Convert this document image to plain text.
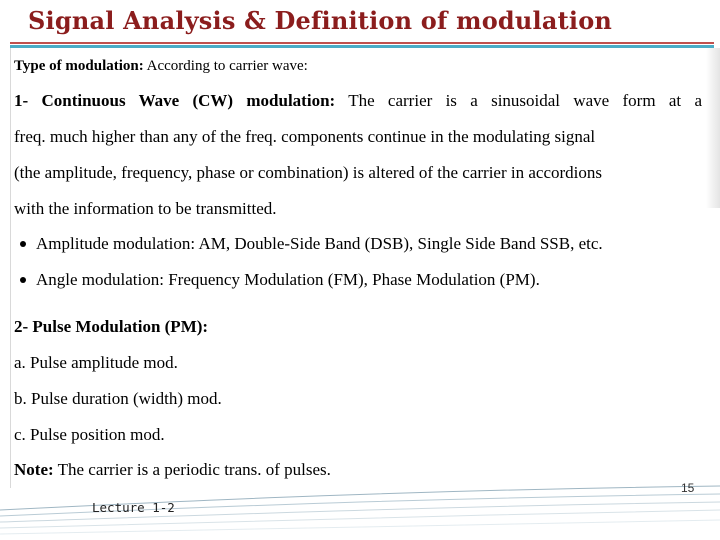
Signal Analysis & Definition of modulation
Type of modulation: According to carrier wave:
1- Continuous Wave (CW) modulation: The carrier is a sinusoidal wave form at a
freq. much higher than any of the freq. components continue in the modulating signal
(the amplitude, frequency, phase or combination) is altered of the carrier in accordions
with the information to be transmitted.
Amplitude modulation: AM, Double-Side Band (DSB), Single Side Band SSB, etc.
Angle modulation: Frequency Modulation (FM), Phase Modulation (PM).
2- Pulse Modulation (PM):
a. Pulse amplitude mod.
b. Pulse duration (width) mod.
c. Pulse position mod.
Note: The carrier is a periodic trans. of pulses.
Lecture 1-2
15
